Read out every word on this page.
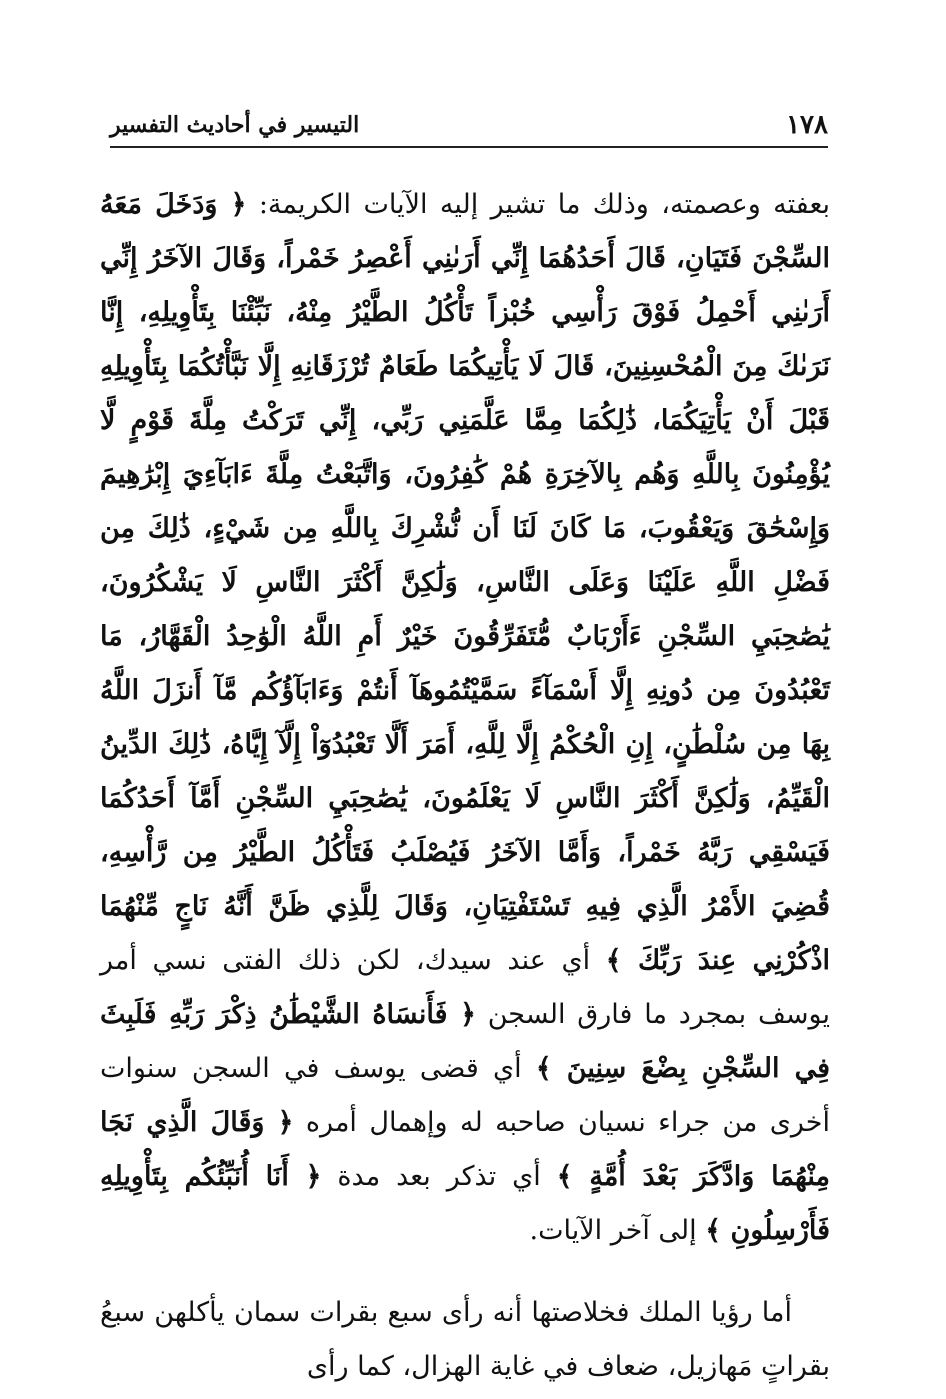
١٧٨
التيسير في أحاديث التفسير

بعفته وعصمته، وذلك ما تشير إليه الآيات الكريمة: ﴿ وَدَخَلَ مَعَهُ السِّجْنَ فَتَيَانِ، قَالَ أَحَدُهُمَا إِنِّي أَرَىٰنِي أَعْصِرُ خَمْراً، وَقَالَ الآخَرُ إِنِّي أَرَىٰنِي أَحْمِلُ فَوْقَ رَأْسِي خُبْزاً تَأْكُلُ الطَّيْرُ مِنْهُ، نَبِّئْنَا بِتَأْوِيلِهِ، إِنَّا نَرَىٰكَ مِنَ الْمُحْسِنِينَ، قَالَ لَا يَأْتِيكُمَا طَعَامٌ تُرْزَقَانِهِ إِلَّا نَبَّأْتُكُمَا بِتَأْوِيلِهِ قَبْلَ أَنْ يَأْتِيَكُمَا، ذَٰلِكُمَا مِمَّا عَلَّمَنِي رَبِّي، إِنِّي تَرَكْتُ مِلَّةَ قَوْمٍ لَّا يُؤْمِنُونَ بِاللَّهِ وَهُم بِالآخِرَةِ هُمْ كَٰفِرُونَ، وَاتَّبَعْتُ مِلَّةَ ءَابَآءِيَ إِبْرَٰهِيمَ وَإِسْحَٰقَ وَيَعْقُوبَ، مَا كَانَ لَنَا أَن نُّشْرِكَ بِاللَّهِ مِن شَيْءٍ، ذَٰلِكَ مِن فَضْلِ اللَّهِ عَلَيْنَا وَعَلَى النَّاسِ، وَلَٰكِنَّ أَكْثَرَ النَّاسِ لَا يَشْكُرُونَ، يَٰصَٰحِبَيِ السِّجْنِ ءَأَرْبَابٌ مُّتَفَرِّقُونَ خَيْرٌ أَمِ اللَّهُ الْوَٰحِدُ الْقَهَّارُ، مَا تَعْبُدُونَ مِن دُونِهِ إِلَّا أَسْمَآءً سَمَّيْتُمُوهَآ أَنتُمْ وَءَابَآؤُكُم مَّآ أَنزَلَ اللَّهُ بِهَا مِن سُلْطَٰنٍ، إِنِ الْحُكْمُ إِلَّا لِلَّهِ، أَمَرَ أَلَّا تَعْبُدُوٓاْ إِلَّآ إِيَّاهُ، ذَٰلِكَ الدِّينُ الْقَيِّمُ، وَلَٰكِنَّ أَكْثَرَ النَّاسِ لَا يَعْلَمُونَ، يَٰصَٰحِبَيِ السِّجْنِ أَمَّآ أَحَدُكُمَا فَيَسْقِي رَبَّهُ خَمْراً، وَأَمَّا الآخَرُ فَيُصْلَبُ فَتَأْكُلُ الطَّيْرُ مِن رَّأْسِهِ، قُضِيَ الأَمْرُ الَّذِي فِيهِ تَسْتَفْتِيَانِ، وَقَالَ لِلَّذِي ظَنَّ أَنَّهُ نَاجٍ مِّنْهُمَا اذْكُرْنِي عِندَ رَبِّكَ ﴾ أي عند سيدك، لكن ذلك الفتى نسي أمر يوسف بمجرد ما فارق السجن ﴿ فَأَنسَاهُ الشَّيْطَٰنُ ذِكْرَ رَبِّهِ فَلَبِثَ فِي السِّجْنِ بِضْعَ سِنِينَ ﴾ أي قضى يوسف في السجن سنوات أخرى من جراء نسيان صاحبه له وإهمال أمره ﴿ وَقَالَ الَّذِي نَجَا مِنْهُمَا وَادَّكَرَ بَعْدَ أُمَّةٍ ﴾ أي تذكر بعد مدة ﴿ أَنَا أُنَبِّئُكُم بِتَأْوِيلِهِ فَأَرْسِلُونِ ﴾ إلى آخر الآيات.

أما رؤيا الملك فخلاصتها أنه رأى سبع بقرات سمان يأكلهن سبعُ بقراتٍ مَهازيل، ضعاف في غاية الهزال، كما رأى
